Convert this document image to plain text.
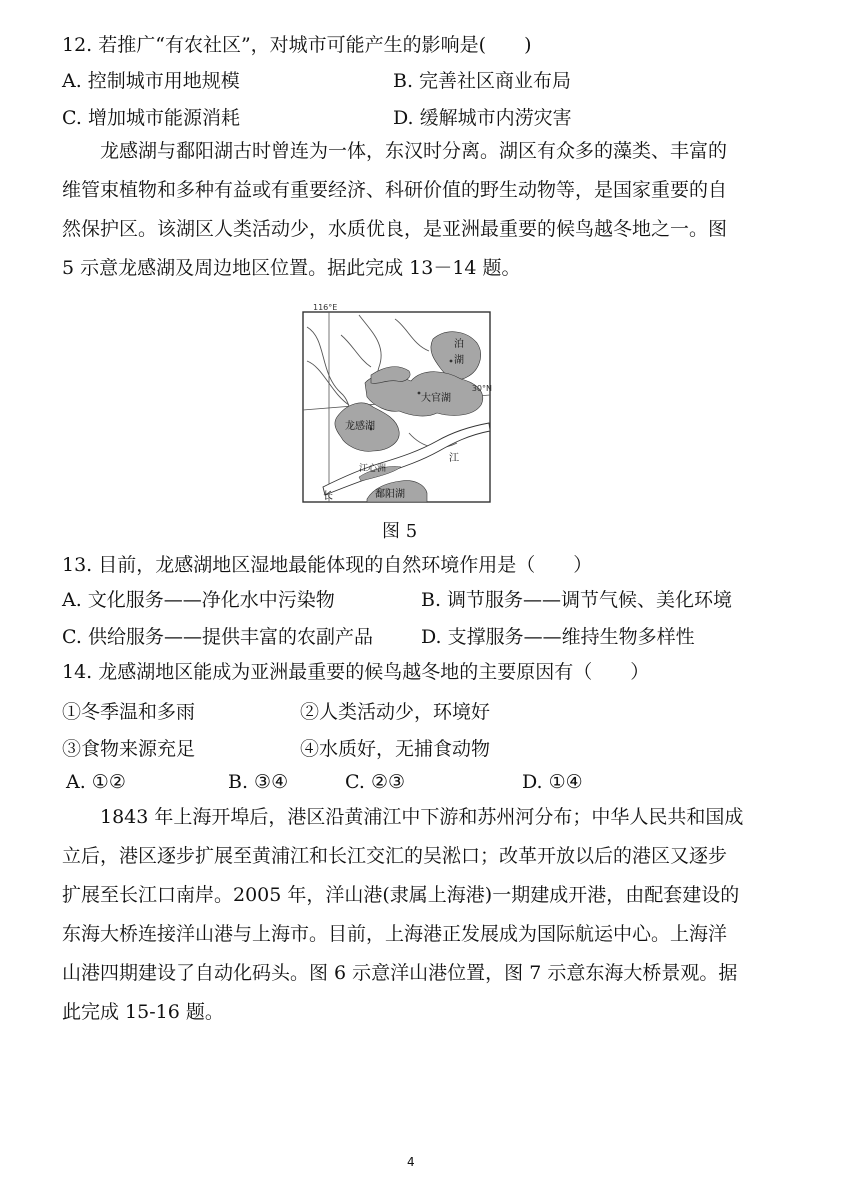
12. 若推广“有农社区”，对城市可能产生的影响是(　　)
A. 控制城市用地规模	B. 完善社区商业布局
C. 增加城市能源消耗	D. 缓解城市内涝灾害

龙感湖与鄱阳湖古时曾连为一体，东汉时分离。湖区有众多的藻类、丰富的

维管束植物和多种有益或有重要经济、科研价值的野生动物等，是国家重要的自

然保护区。该湖区人类活动少，水质优良，是亚洲最重要的候鸟越冬地之一。图

5 示意龙感湖及周边地区位置。据此完成 13－14 题。

116°E
30°N
泊
湖
大官湖
龙感湖
江心洲
江
长	鄱阳湖
图 5
13. 目前，龙感湖地区湿地最能体现的自然环境作用是（　　）
A. 文化服务——净化水中污染物	B. 调节服务——调节气候、美化环境
C. 供给服务——提供丰富的农副产品	D. 支撑服务——维持生物多样性
14. 龙感湖地区能成为亚洲最重要的候鸟越冬地的主要原因有（　　）
①冬季温和多雨	②人类活动少，环境好
③食物来源充足	④水质好，无捕食动物
A. ①②	B. ③④	C. ②③	D. ①④

1843 年上海开埠后，港区沿黄浦江中下游和苏州河分布；中华人民共和国成

立后，港区逐步扩展至黄浦江和长江交汇的吴淞口；改革开放以后的港区又逐步

扩展至长江口南岸。2005 年，洋山港(隶属上海港)一期建成开港，由配套建设的

东海大桥连接洋山港与上海市。目前，上海港正发展成为国际航运中心。上海洋

山港四期建设了自动化码头。图 6 示意洋山港位置，图 7 示意东海大桥景观。据

此完成 15-16 题。

4
